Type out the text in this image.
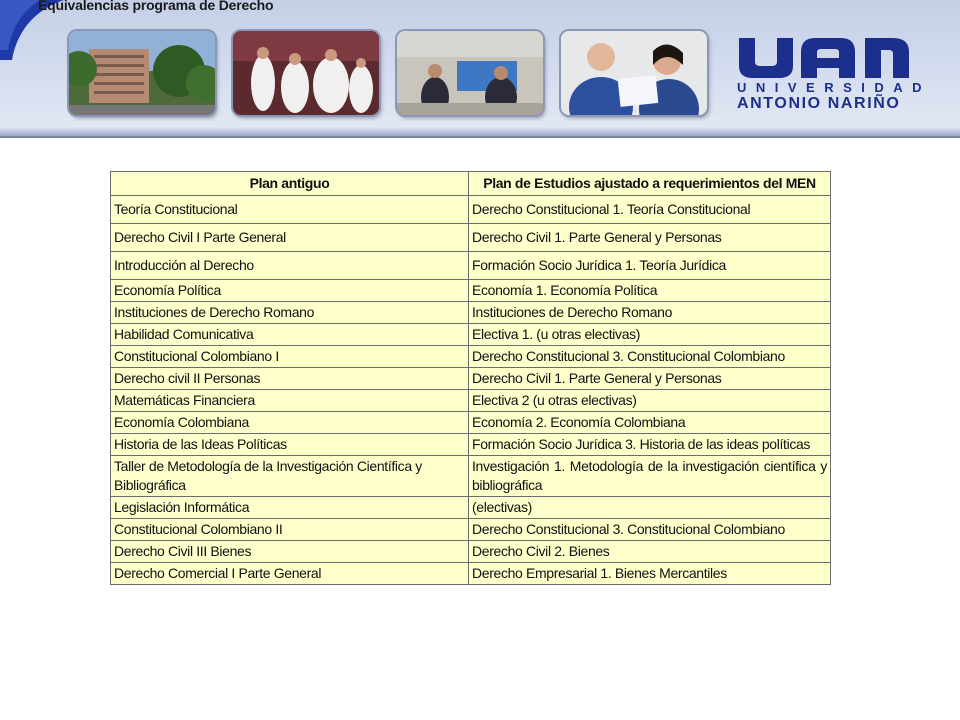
Equivalencias programa de Derecho
UNIVERSIDAD
ANTONIO NARIÑO
Plan antiguo	Plan de Estudios ajustado a requerimientos del MEN
Teoría Constitucional	Derecho Constitucional 1. Teoría Constitucional
Derecho Civil I Parte General	Derecho Civil 1. Parte General y Personas
Introducción al Derecho	Formación Socio Jurídica 1. Teoría Jurídica
Economía Política	Economía 1. Economía Política
Instituciones de Derecho Romano	Instituciones de Derecho Romano
Habilidad Comunicativa	Electiva 1. (u otras electivas)
Constitucional Colombiano I	Derecho Constitucional 3. Constitucional Colombiano
Derecho civil II Personas	Derecho Civil 1. Parte General y Personas
Matemáticas Financiera	Electiva 2 (u otras electivas)
Economía Colombiana	Economía 2. Economía Colombiana
Historia de las Ideas Políticas	Formación Socio Jurídica 3. Historia de las ideas políticas
Taller de Metodología de la Investigación Científica y Bibliográfica	Investigación 1. Metodología de la investigación científica y bibliográfica
Legislación Informática	(electivas)
Constitucional Colombiano II	Derecho Constitucional 3. Constitucional Colombiano
Derecho Civil III Bienes	Derecho Civil 2. Bienes
Derecho Comercial I Parte General	Derecho Empresarial 1. Bienes Mercantiles
